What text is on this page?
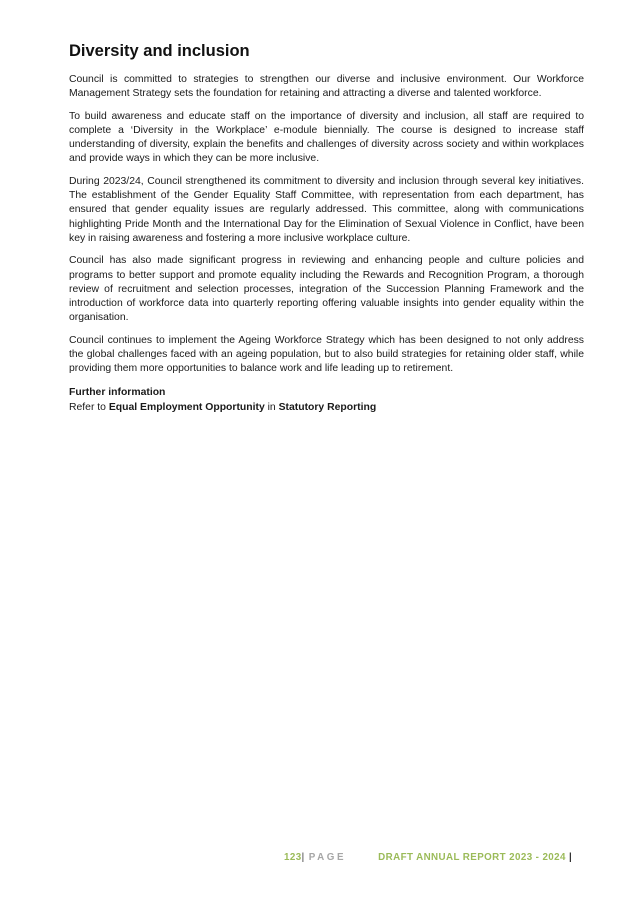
Diversity and inclusion

Council is committed to strategies to strengthen our diverse and inclusive environment. Our Workforce Management Strategy sets the foundation for retaining and attracting a diverse and talented workforce.

To build awareness and educate staff on the importance of diversity and inclusion, all staff are required to complete a ‘Diversity in the Workplace’ e-module biennially. The course is designed to increase staff understanding of diversity, explain the benefits and challenges of diversity across society and within workplaces and provide ways in which they can be more inclusive.

During 2023/24, Council strengthened its commitment to diversity and inclusion through several key initiatives. The establishment of the Gender Equality Staff Committee, with representation from each department, has ensured that gender equality issues are regularly addressed. This committee, along with communications highlighting Pride Month and the International Day for the Elimination of Sexual Violence in Conflict, have been key in raising awareness and fostering a more inclusive workplace culture.

Council has also made significant progress in reviewing and enhancing people and culture policies and programs to better support and promote equality including the Rewards and Recognition Program, a thorough review of recruitment and selection processes, integration of the Succession Planning Framework and the introduction of workforce data into quarterly reporting offering valuable insights into gender equality within the organisation.

Council continues to implement the Ageing Workforce Strategy which has been designed to not only address the global challenges faced with an ageing population, but to also build strategies for retaining older staff, while providing them more opportunities to balance work and life leading up to retirement.

Further information
Refer to Equal Employment Opportunity in Statutory Reporting
123| PAGE	DRAFT ANNUAL REPORT 2023 - 2024 |
